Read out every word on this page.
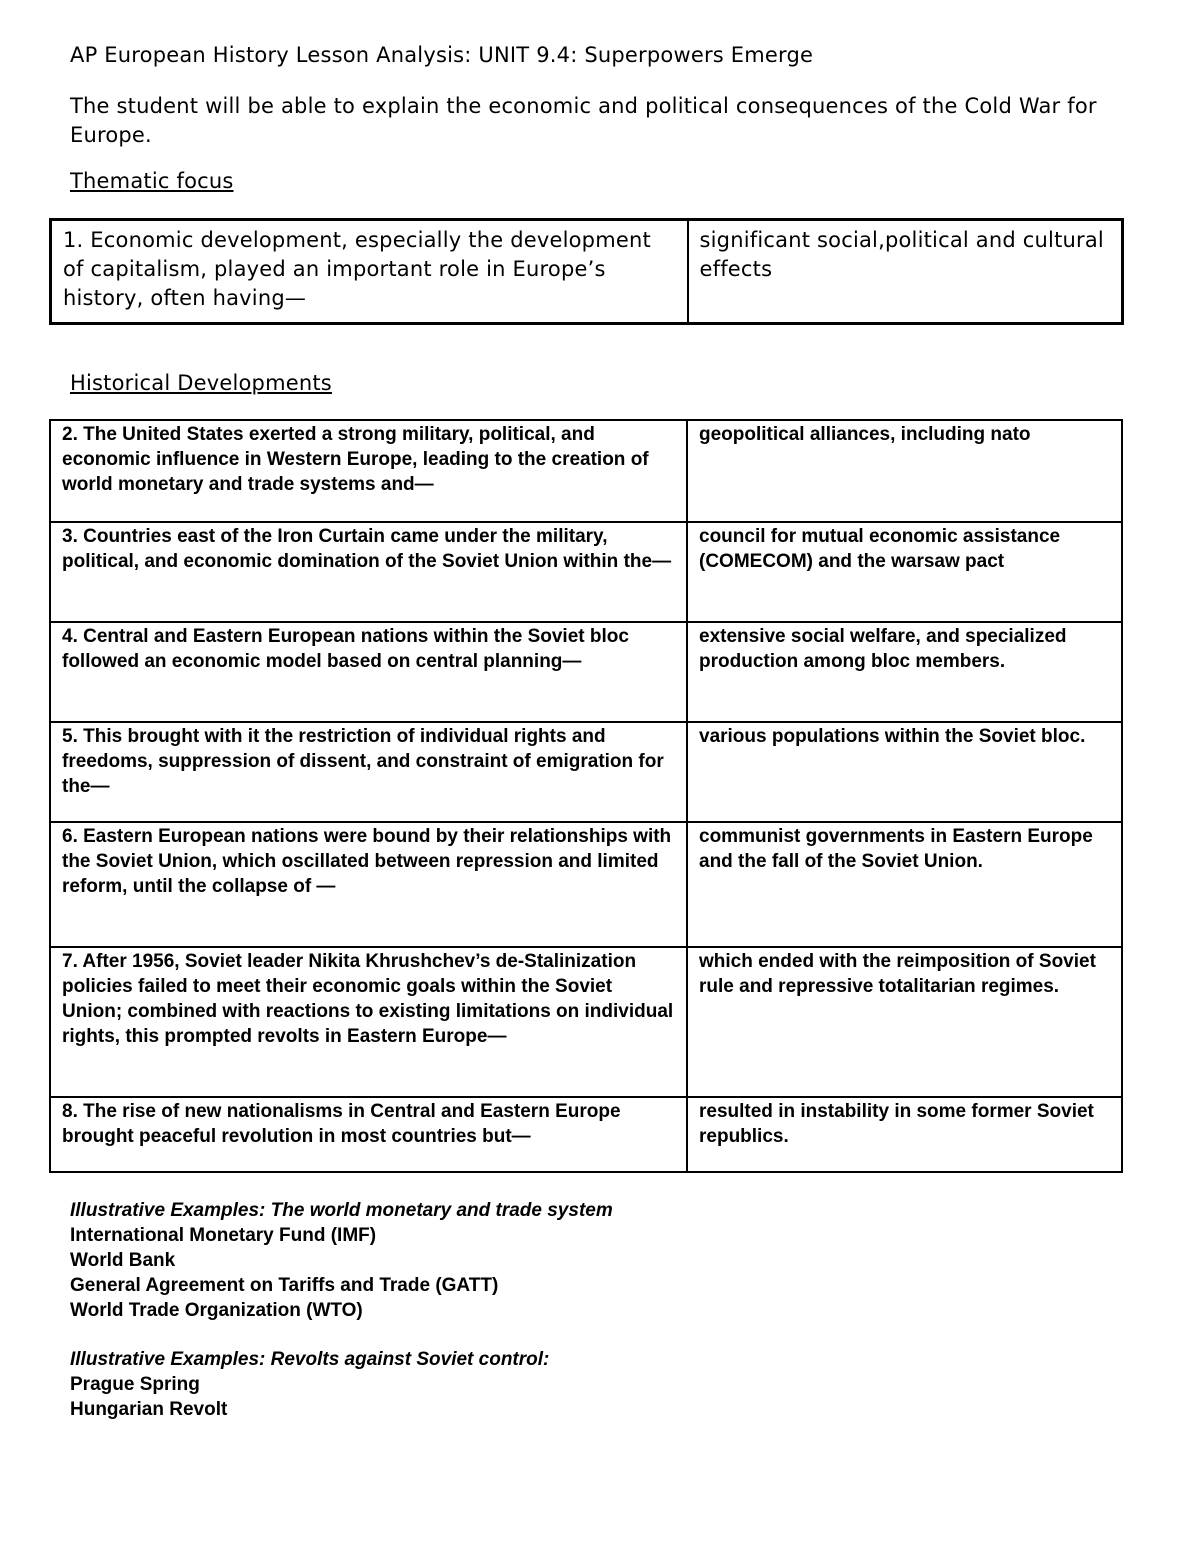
AP European History Lesson Analysis: UNIT 9.4: Superpowers Emerge
The student will be able to explain the economic and political consequences of the Cold War for Europe.
Thematic focus
1. Economic development, especially the development of capitalism, played an important role in Europe’s history, often having—	significant social,political and cultural effects
Historical Developments
2. The United States exerted a strong military, political, and economic influence in Western Europe, leading to the creation of world monetary and trade systems and—	geopolitical alliances, including nato
3. Countries east of the Iron Curtain came under the military, political, and economic domination of the Soviet Union within the—	council for mutual economic assistance (COMECOM) and the warsaw pact
4. Central and Eastern European nations within the Soviet bloc followed an economic model based on central planning—	extensive social welfare, and specialized production among bloc members.
5. This brought with it the restriction of individual rights and freedoms, suppression of dissent, and constraint of emigration for the—	various populations within the Soviet bloc.
6. Eastern European nations were bound by their relationships with the Soviet Union, which oscillated between repression and limited reform, until the collapse of —	communist governments in Eastern Europe and the fall of the Soviet Union.
7. After 1956, Soviet leader Nikita Khrushchev’s de-Stalinization policies failed to meet their economic goals within the Soviet Union; combined with reactions to existing limitations on individual rights, this prompted revolts in Eastern Europe—	which ended with the reimposition of Soviet rule and repressive totalitarian regimes.
8. The rise of new nationalisms in Central and Eastern Europe brought peaceful revolution in most countries but—	resulted in instability in some former Soviet republics.
Illustrative Examples: The world monetary and trade system
International Monetary Fund (IMF)
World Bank
General Agreement on Tariffs and Trade (GATT)
World Trade Organization (WTO)
Illustrative Examples: Revolts against Soviet control:
Prague Spring
Hungarian Revolt
